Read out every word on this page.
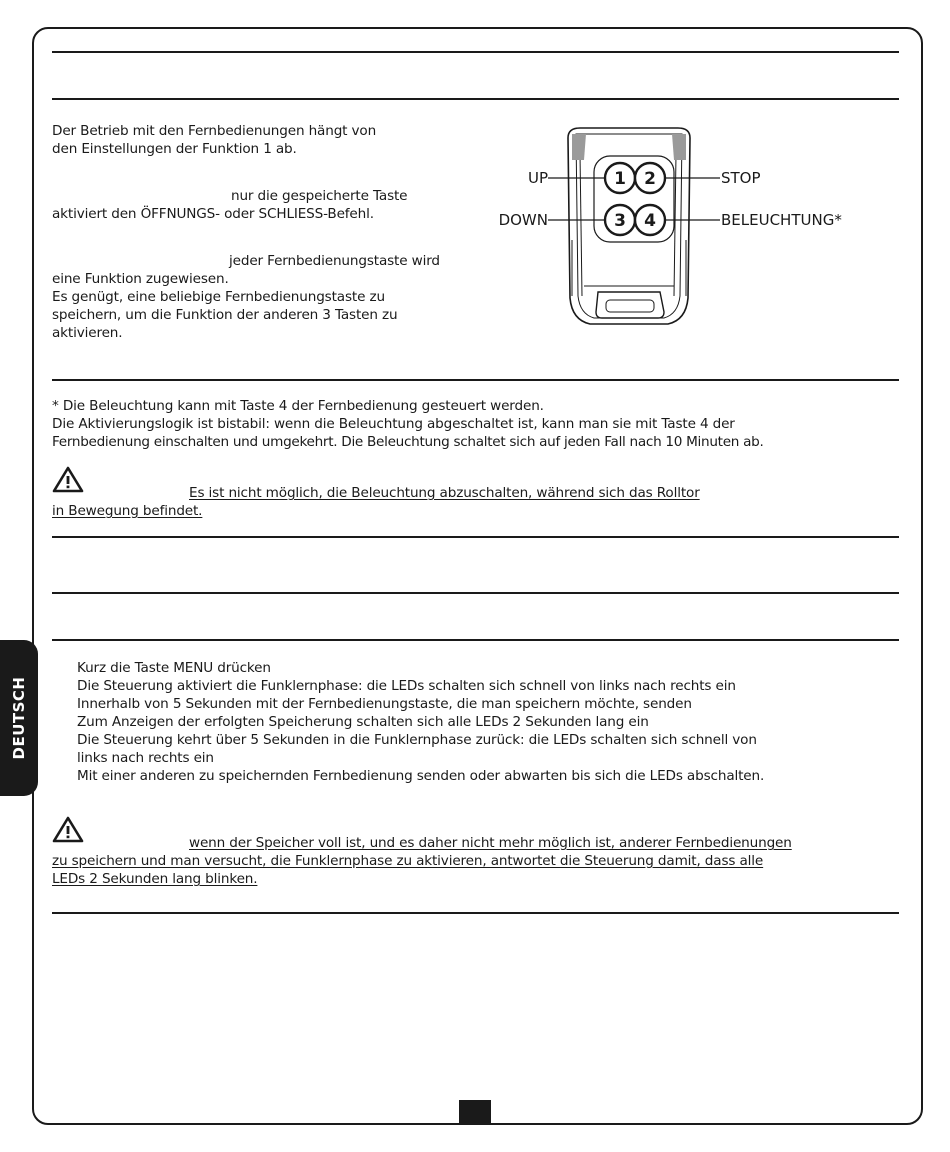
Der Betrieb mit den Fernbedienungen hängt von

den Einstellungen der Funktion 1 ab.

nur die gespeicherte Taste

aktiviert den ÖFFNUNGS- oder SCHLIESS-Befehl.

jeder Fernbedienungstaste wird

eine Funktion zugewiesen.

Es genügt, eine beliebige Fernbedienungstaste zu

speichern, um die Funktion der anderen 3 Tasten zu

aktivieren.

1 2
3 4
UP	STOP
DOWN	BELEUCHTUNG*

* Die Beleuchtung kann mit Taste 4 der Fernbedienung gesteuert werden.

Die Aktivierungslogik ist bistabil: wenn die Beleuchtung abgeschaltet ist, kann man sie mit Taste 4 der

Fernbedienung einschalten und umgekehrt. Die Beleuchtung schaltet sich auf jeden Fall nach 10 Minuten ab.

Es ist nicht möglich, die Beleuchtung abzuschalten, während sich das Rolltor

in Bewegung befindet.

Kurz die Taste MENU drücken

Die Steuerung aktiviert die Funklernphase: die LEDs schalten sich schnell von links nach rechts ein

Innerhalb von 5 Sekunden mit der Fernbedienungstaste, die man speichern möchte, senden

Zum Anzeigen der erfolgten Speicherung schalten sich alle LEDs 2 Sekunden lang ein

Die Steuerung kehrt über 5 Sekunden in die Funklernphase zurück: die LEDs schalten sich schnell von

links nach rechts ein

Mit einer anderen zu speichernden Fernbedienung senden oder abwarten bis sich die LEDs abschalten.

wenn der Speicher voll ist, und es daher nicht mehr möglich ist, anderer Fernbedienungen

zu speichern und man versucht, die Funklernphase zu aktivieren, antwortet die Steuerung damit, dass alle

LEDs 2 Sekunden lang blinken.

DEUTSCH
